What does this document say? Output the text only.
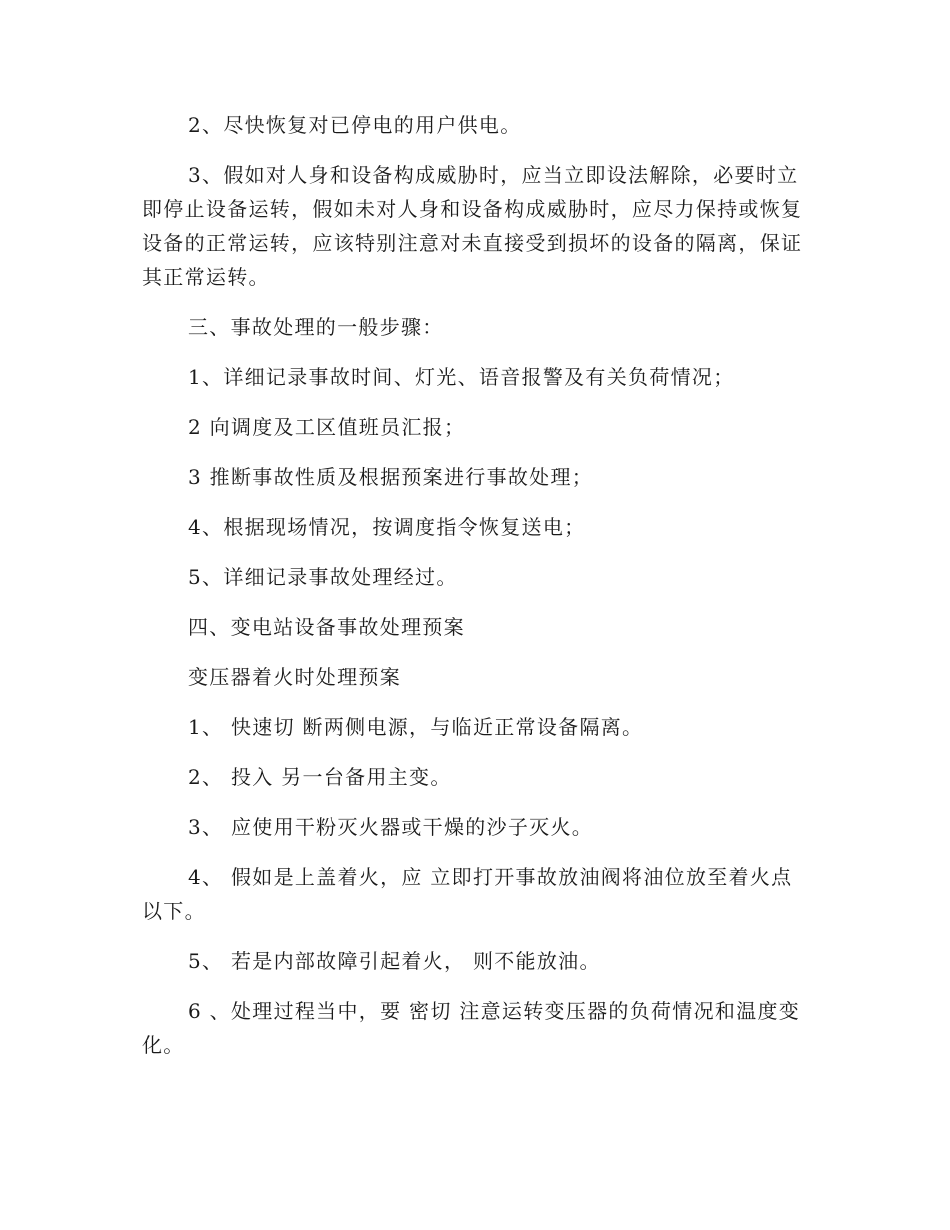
2、尽快恢复对已停电的用户供电。

3、假如对人身和设备构成威胁时，应当立即设法解除，必要时立即停止设备运转，假如未对人身和设备构成威胁时，应尽力保持或恢复设备的正常运转，应该特别注意对未直接受到损坏的设备的隔离，保证其正常运转。

三、事故处理的一般步骤：

1、详细记录事故时间、灯光、语音报警及有关负荷情况；

2 向调度及工区值班员汇报；

3 推断事故性质及根据预案进行事故处理；

4、根据现场情况，按调度指令恢复送电；

5、详细记录事故处理经过。

四、变电站设备事故处理预案

变压器着火时处理预案

1、 快速切 断两侧电源，与临近正常设备隔离。

2、 投入 另一台备用主变。

3、 应使用干粉灭火器或干燥的沙子灭火。

4、 假如是上盖着火，应 立即打开事故放油阀将油位放至着火点以下。

5、 若是内部故障引起着火， 则不能放油。

6 、处理过程当中，要 密切 注意运转变压器的负荷情况和温度变化。
